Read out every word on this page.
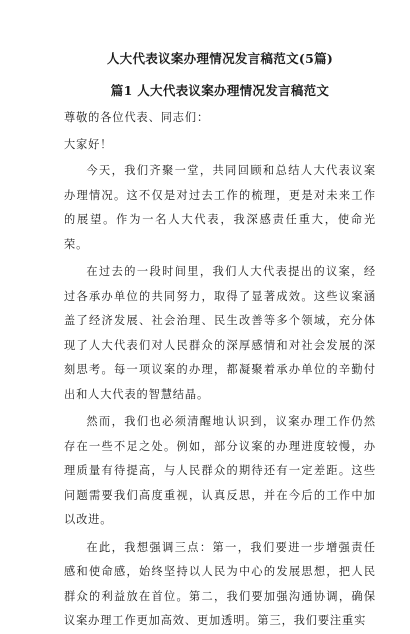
人大代表议案办理情况发言稿范文(5篇)
篇1 人大代表议案办理情况发言稿范文

尊敬的各位代表、同志们：

大家好！

今天，我们齐聚一堂，共同回顾和总结人大代表议案办理情况。这不仅是对过去工作的梳理，更是对未来工作的展望。作为一名人大代表，我深感责任重大，使命光荣。

在过去的一段时间里，我们人大代表提出的议案，经过各承办单位的共同努力，取得了显著成效。这些议案涵盖了经济发展、社会治理、民生改善等多个领域，充分体现了人大代表们对人民群众的深厚感情和对社会发展的深刻思考。每一项议案的办理，都凝聚着承办单位的辛勤付出和人大代表的智慧结晶。

然而，我们也必须清醒地认识到，议案办理工作仍然存在一些不足之处。例如，部分议案的办理进度较慢，办理质量有待提高，与人民群众的期待还有一定差距。这些问题需要我们高度重视，认真反思，并在今后的工作中加以改进。

在此，我想强调三点：第一，我们要进一步增强责任感和使命感，始终坚持以人民为中心的发展思想，把人民群众的利益放在首位。第二，我们要加强沟通协调，确保议案办理工作更加高效、更加透明。第三，我们要注重实
